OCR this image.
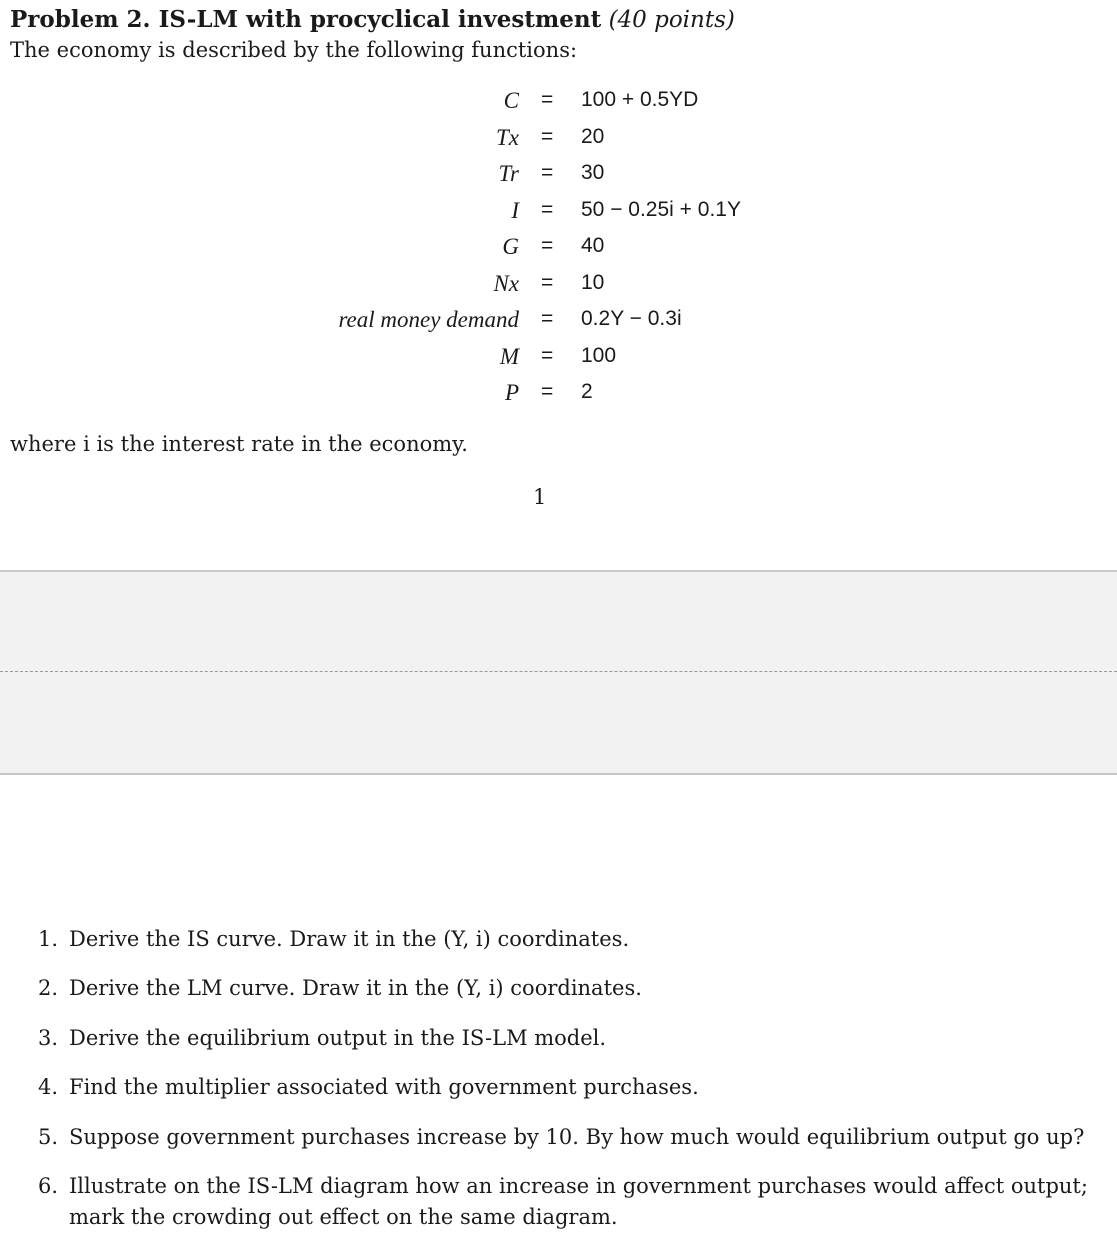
Problem 2. IS-LM with procyclical investment (40 points)
The economy is described by the following functions:
C = 100 + 0.5YD
Tx = 20
Tr = 30
I = 50 − 0.25i + 0.1Y
G = 40
Nx = 10
real money demand = 0.2Y − 0.3i
M = 100
P = 2
where i is the interest rate in the economy.
1
1. Derive the IS curve. Draw it in the (Y, i) coordinates.
2. Derive the LM curve. Draw it in the (Y, i) coordinates.
3. Derive the equilibrium output in the IS-LM model.
4. Find the multiplier associated with government purchases.
5. Suppose government purchases increase by 10. By how much would equilibrium output go up?
6. Illustrate on the IS-LM diagram how an increase in government purchases would affect output; mark the crowding out effect on the same diagram.
